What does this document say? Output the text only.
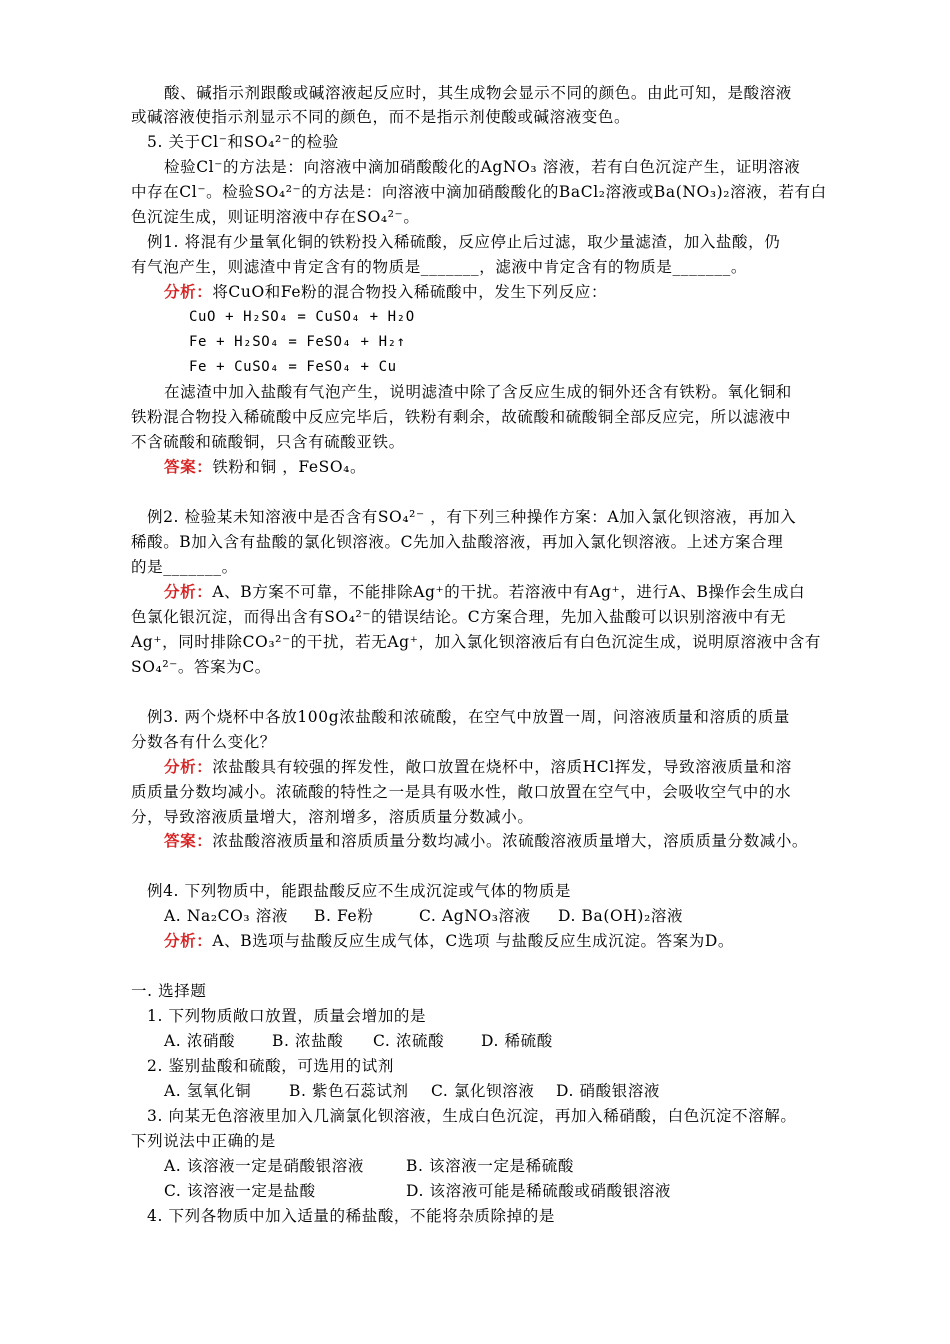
酸、碱指示剂跟酸或碱溶液起反应时，其生成物会显示不同的颜色。由此可知，是酸溶液
或碱溶液使指示剂显示不同的颜色，而不是指示剂使酸或碱溶液变色。
5. 关于Cl⁻和SO₄²⁻的检验
检验Cl⁻的方法是：向溶液中滴加硝酸酸化的AgNO₃ 溶液，若有白色沉淀产生，证明溶液
中存在Cl⁻。检验SO₄²⁻的方法是：向溶液中滴加硝酸酸化的BaCl₂溶液或Ba(NO₃)₂溶液，若有白
色沉淀生成，则证明溶液中存在SO₄²⁻。
例1. 将混有少量氧化铜的铁粉投入稀硫酸，反应停止后过滤，取少量滤渣，加入盐酸，仍
有气泡产生，则滤渣中肯定含有的物质是_______，滤液中肯定含有的物质是_______。
分析：将CuO和Fe粉的混合物投入稀硫酸中，发生下列反应：
CuO + H₂SO₄ = CuSO₄ + H₂O
Fe + H₂SO₄ = FeSO₄ + H₂↑
Fe + CuSO₄ = FeSO₄ + Cu
在滤渣中加入盐酸有气泡产生，说明滤渣中除了含反应生成的铜外还含有铁粉。氧化铜和
铁粉混合物投入稀硫酸中反应完毕后，铁粉有剩余，故硫酸和硫酸铜全部反应完，所以滤液中
不含硫酸和硫酸铜，只含有硫酸亚铁。
答案：铁粉和铜 ，FeSO₄。
例2. 检验某未知溶液中是否含有SO₄²⁻ ，有下列三种操作方案：A加入氯化钡溶液，再加入
稀酸。B加入含有盐酸的氯化钡溶液。C先加入盐酸溶液，再加入氯化钡溶液。上述方案合理
的是_______。
分析：A、B方案不可靠，不能排除Ag⁺的干扰。若溶液中有Ag⁺，进行A、B操作会生成白
色氯化银沉淀，而得出含有SO₄²⁻的错误结论。C方案合理，先加入盐酸可以识别溶液中有无
Ag⁺，同时排除CO₃²⁻的干扰，若无Ag⁺，加入氯化钡溶液后有白色沉淀生成，说明原溶液中含有
SO₄²⁻。答案为C。
例3. 两个烧杯中各放100g浓盐酸和浓硫酸，在空气中放置一周，问溶液质量和溶质的质量
分数各有什么变化？
分析：浓盐酸具有较强的挥发性，敞口放置在烧杯中，溶质HCl挥发，导致溶液质量和溶
质质量分数均减小。浓硫酸的特性之一是具有吸水性，敞口放置在空气中，会吸收空气中的水
分，导致溶液质量增大，溶剂增多，溶质质量分数减小。
答案：浓盐酸溶液质量和溶质质量分数均减小。浓硫酸溶液质量增大，溶质质量分数减小。
例4. 下列物质中，能跟盐酸反应不生成沉淀或气体的物质是
A. Na₂CO₃ 溶液 B. Fe粉	C. AgNO₃溶液 D. Ba(OH)₂溶液
分析：A、B选项与盐酸反应生成气体，C选项 与盐酸反应生成沉淀。答案为D。
一. 选择题
1. 下列物质敞口放置，质量会增加的是
A. 浓硝酸 B. 浓盐酸 C. 浓硫酸 D. 稀硫酸
2. 鉴别盐酸和硫酸，可选用的试剂
A. 氢氧化铜 B. 紫色石蕊试剂 C. 氯化钡溶液 D. 硝酸银溶液
3. 向某无色溶液里加入几滴氯化钡溶液，生成白色沉淀，再加入稀硝酸，白色沉淀不溶解。
下列说法中正确的是
A. 该溶液一定是硝酸银溶液	B. 该溶液一定是稀硫酸
C. 该溶液一定是盐酸	D. 该溶液可能是稀硫酸或硝酸银溶液
4. 下列各物质中加入适量的稀盐酸，不能将杂质除掉的是
